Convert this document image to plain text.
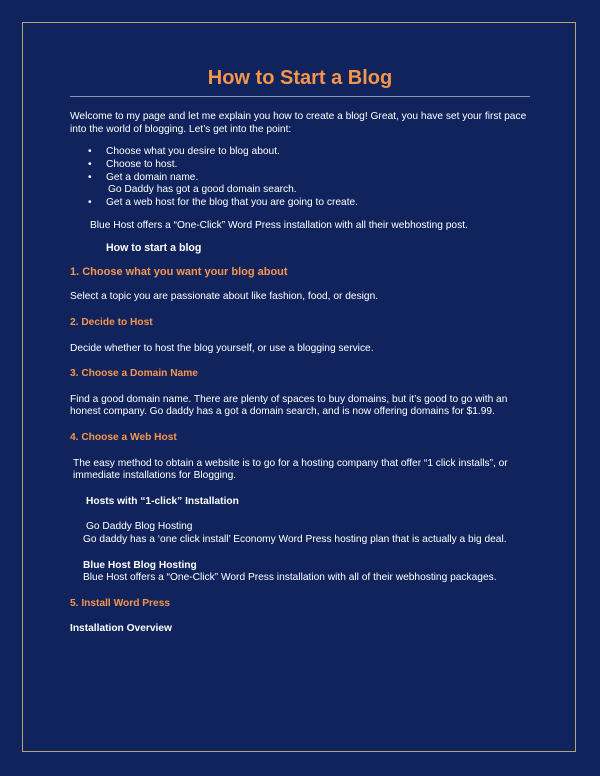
How to Start a Blog

Welcome to my page and let me explain you how to create a blog! Great, you have set your first pace into the world of blogging. Let’s get into the point:

• Choose what you desire to blog about.
• Choose to host.
• Get a domain name.
Go Daddy has got a good domain search.
• Get a web host for the blog that you are going to create.

Blue Host offers a “One-Click” Word Press installation with all their webhosting post.

How to start a blog

1. Choose what you want your blog about

Select a topic you are passionate about like fashion, food, or design.

2. Decide to Host

Decide whether to host the blog yourself, or use a blogging service.

3. Choose a Domain Name

Find a good domain name. There are plenty of spaces to buy domains, but it’s good to go with an honest company. Go daddy has a got a domain search, and is now offering domains for $1.99.

4. Choose a Web Host

The easy method to obtain a website is to go for a hosting company that offer “1 click installs”, or immediate installations for Blogging.

Hosts with “1-click” Installation

Go Daddy Blog Hosting

Go daddy has a ‘one click install’ Economy Word Press hosting plan that is actually a big deal.

Blue Host Blog Hosting

Blue Host offers a “One-Click” Word Press installation with all of their webhosting packages.

5. Install Word Press

Installation Overview
